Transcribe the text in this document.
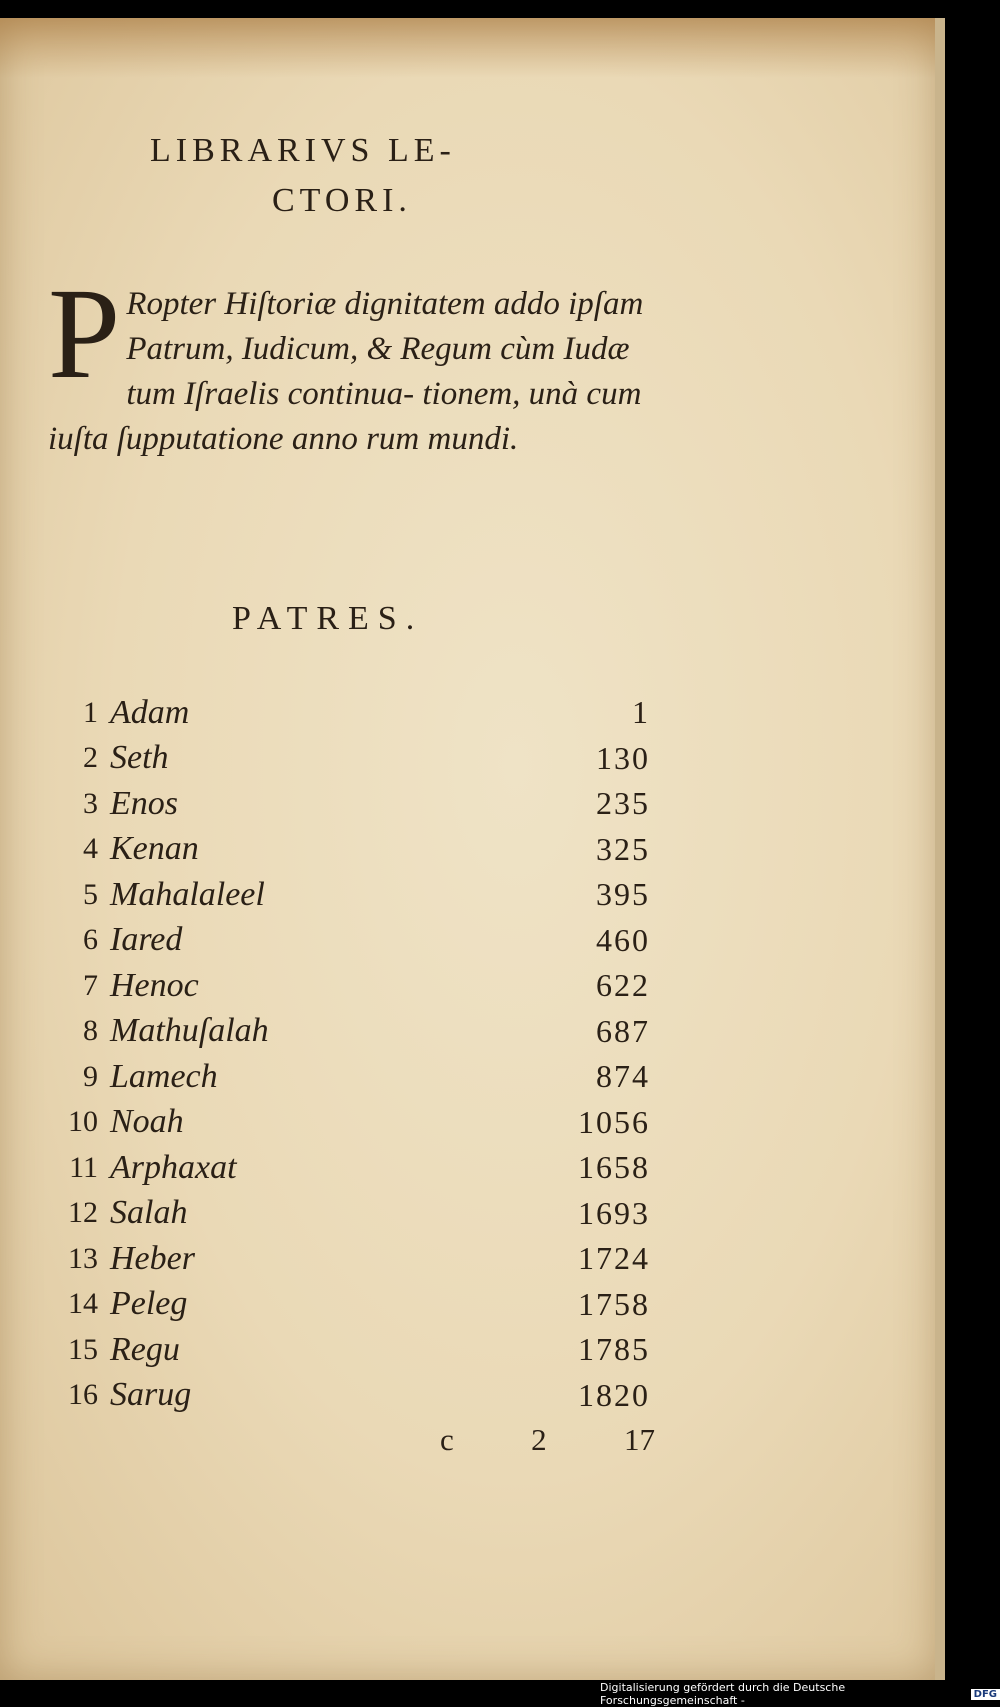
LIBRARIVS LE-
CTORI.
P Ropter Hiſtoriæ dignitatem addo ipſam Patrum, Iudicum, & Regum cùm Iudæ tum Iſraelis continua- tionem, unà cum iuſta ſupputatione anno rum mundi.
PATRES.
1 Adam	1
2 Seth	130
3 Enos	235
4 Kenan	325
5 Mahalaleel	395
6 Iared	460
7 Henoc	622
8 Mathuſalah	687
9 Lamech	874
10 Noah	1056
11 Arphaxat	1658
12 Salah	1693
13 Heber	1724
14 Peleg	1758
15 Regu	1785
16 Sarug	1820
c 2 17
Digitalisierung gefördert durch die Deutsche Forschungsgemeinschaft -	DFG
